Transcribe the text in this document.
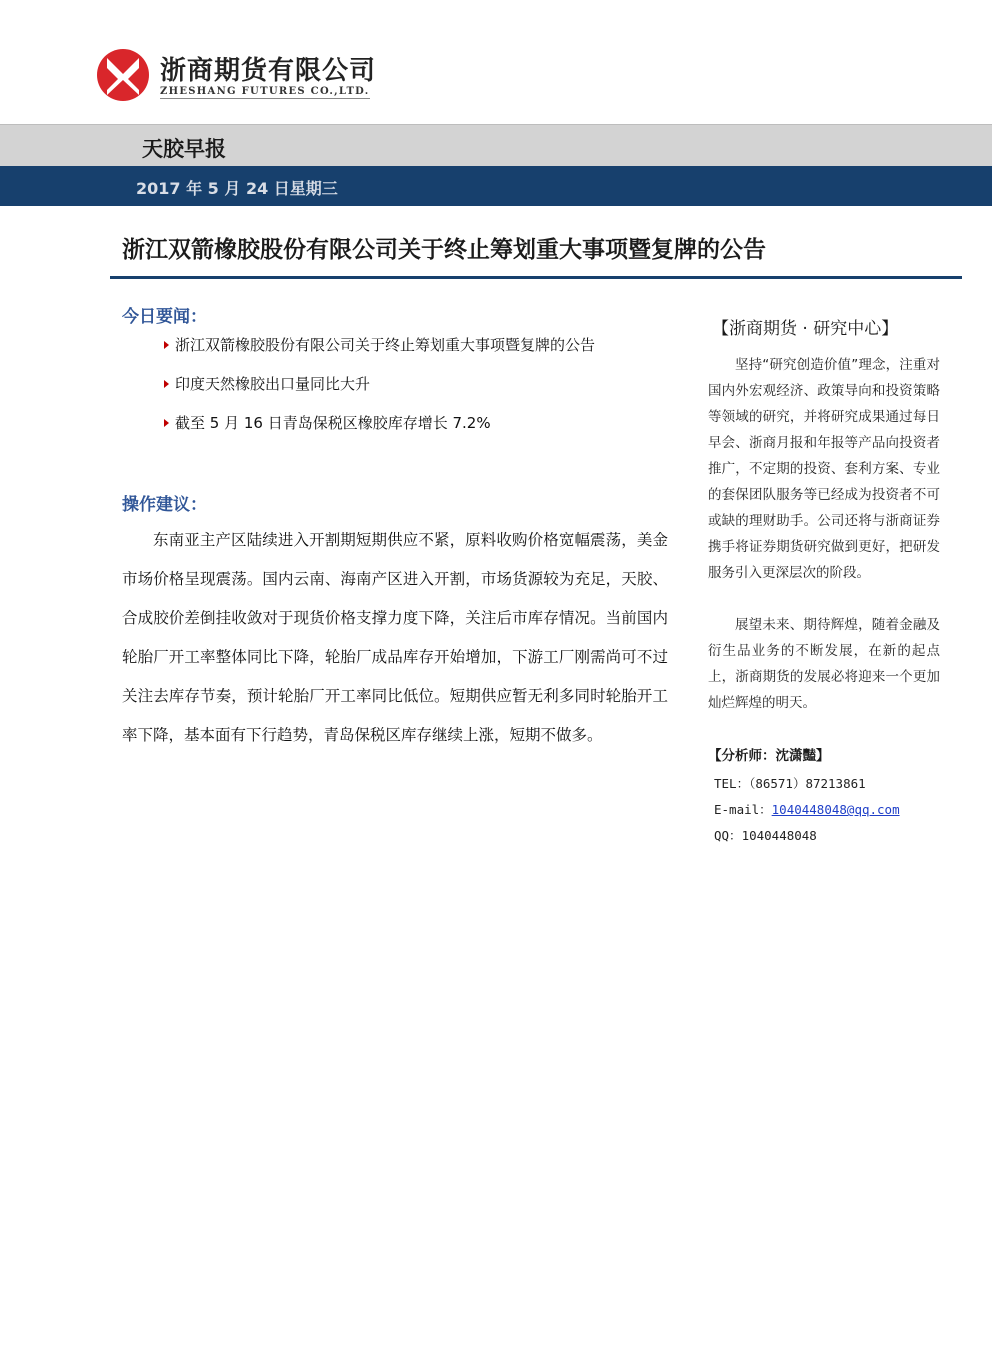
浙商期货有限公司
ZHESHANG FUTURES CO.,LTD.
天胶早报
2017 年 5 月 24 日星期三
浙江双箭橡胶股份有限公司关于终止筹划重大事项暨复牌的公告
今日要闻：
浙江双箭橡胶股份有限公司关于终止筹划重大事项暨复牌的公告
印度天然橡胶出口量同比大升
截至 5 月 16 日青岛保税区橡胶库存增长 7.2%
操作建议：
东南亚主产区陆续进入开割期短期供应不紧，原料收购价格宽幅震荡，美金市场价格呈现震荡。国内云南、海南产区进入开割，市场货源较为充足，天胶、合成胶价差倒挂收敛对于现货价格支撑力度下降，关注后市库存情况。当前国内轮胎厂开工率整体同比下降，轮胎厂成品库存开始增加，下游工厂刚需尚可不过关注去库存节奏，预计轮胎厂开工率同比低位。短期供应暂无利多同时轮胎开工率下降，基本面有下行趋势，青岛保税区库存继续上涨，短期不做多。
【浙商期货 · 研究中心】
坚持“研究创造价值”理念，注重对国内外宏观经济、政策导向和投资策略等领域的研究，并将研究成果通过每日早会、浙商月报和年报等产品向投资者推广，不定期的投资、套利方案、专业的套保团队服务等已经成为投资者不可或缺的理财助手。公司还将与浙商证券携手将证券期货研究做到更好，把研发服务引入更深层次的阶段。
展望未来、期待辉煌，随着金融及衍生品业务的不断发展，在新的起点上，浙商期货的发展必将迎来一个更加灿烂辉煌的明天。
【分析师：沈潇豔】
TEL：（86571）87213861
E-mail：1040448048@qq.com
QQ：1040448048
